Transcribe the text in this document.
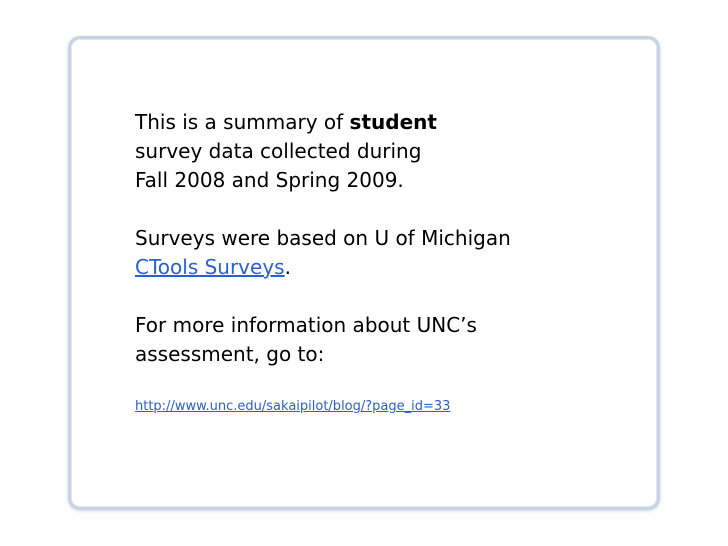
This is a summary of student
survey data collected during
Fall 2008 and Spring 2009.

Surveys were based on U of Michigan
CTools Surveys.

For more information about UNC’s
assessment, go to:

http://www.unc.edu/sakaipilot/blog/?page_id=33
